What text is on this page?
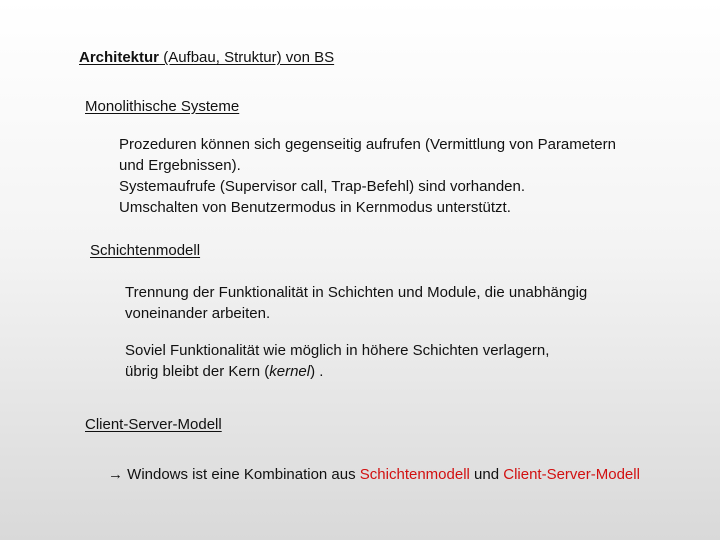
Architektur (Aufbau, Struktur) von BS
Monolithische Systeme
Prozeduren können sich gegenseitig aufrufen (Vermittlung von Parametern
und Ergebnissen).
Systemaufrufe (Supervisor call, Trap-Befehl) sind vorhanden.
Umschalten von Benutzermodus in Kernmodus unterstützt.
Schichtenmodell
Trennung der Funktionalität in Schichten und Module, die unabhängig
voneinander arbeiten.
Soviel Funktionalität wie möglich in höhere Schichten verlagern,
übrig bleibt der Kern (kernel) .
Client-Server-Modell
→ Windows ist eine Kombination aus Schichtenmodell und Client-Server-Modell
